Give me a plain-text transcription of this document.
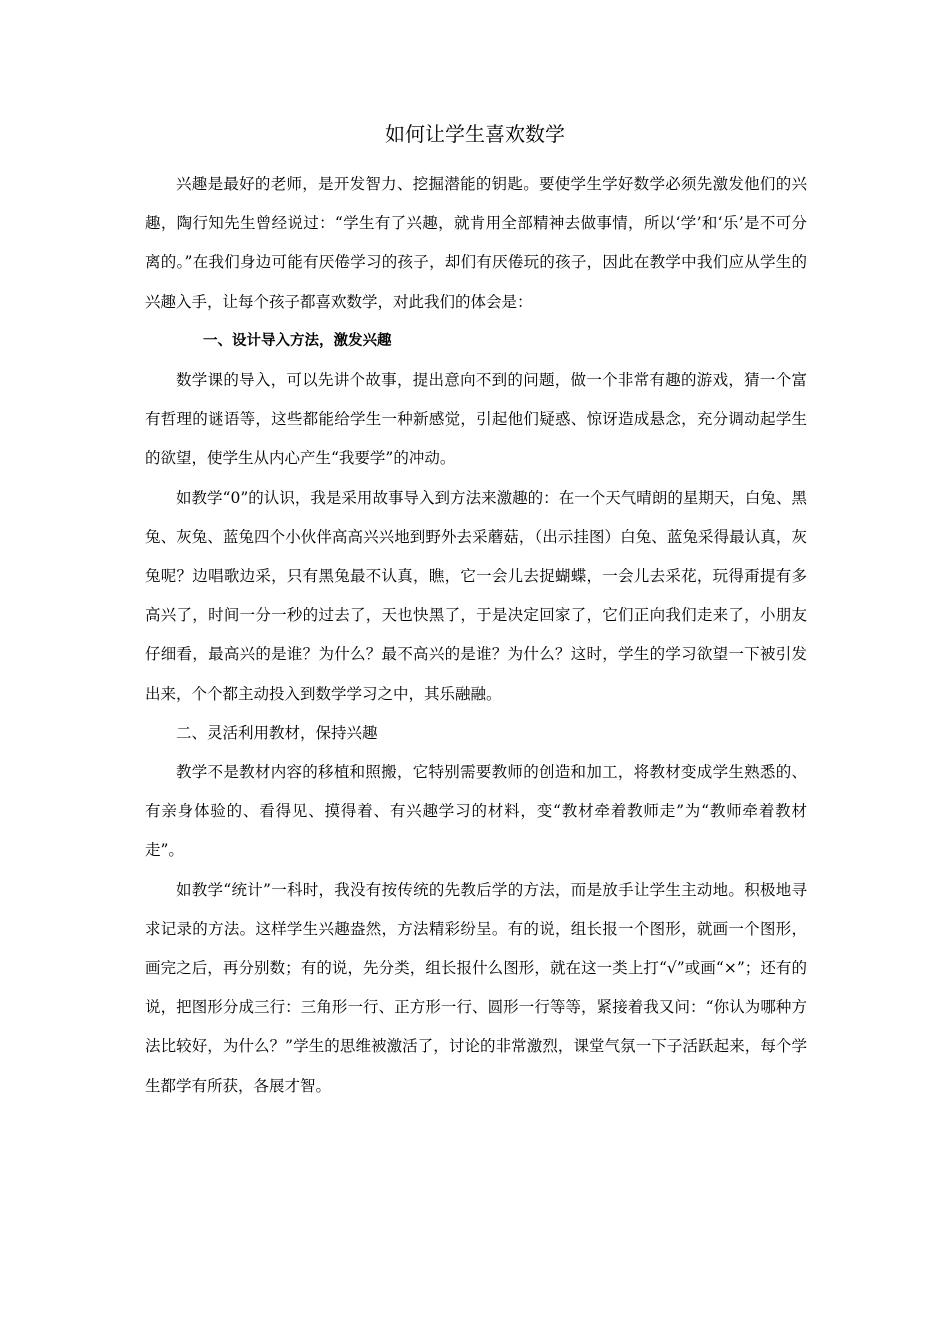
如何让学生喜欢数学

兴趣是最好的老师，是开发智力、挖掘潜能的钥匙。要使学生学好数学必须先激发他们的兴趣，陶行知先生曾经说过：“学生有了兴趣，就肯用全部精神去做事情，所以‘学’和‘乐’是不可分离的。”在我们身边可能有厌倦学习的孩子，却们有厌倦玩的孩子，因此在教学中我们应从学生的兴趣入手，让每个孩子都喜欢数学，对此我们的体会是：

一、设计导入方法，激发兴趣

数学课的导入，可以先讲个故事，提出意向不到的问题，做一个非常有趣的游戏，猜一个富有哲理的谜语等，这些都能给学生一种新感觉，引起他们疑惑、惊讶造成悬念，充分调动起学生的欲望，使学生从内心产生“我要学”的冲动。

如教学“0”的认识，我是采用故事导入到方法来激趣的：在一个天气晴朗的星期天，白兔、黑兔、灰兔、蓝兔四个小伙伴高高兴兴地到野外去采蘑菇，（出示挂图）白兔、蓝兔采得最认真，灰兔呢？边唱歌边采，只有黑兔最不认真，瞧，它一会儿去捉蝴蝶，一会儿去采花，玩得甭提有多高兴了，时间一分一秒的过去了，天也快黑了，于是决定回家了，它们正向我们走来了，小朋友仔细看，最高兴的是谁？为什么？最不高兴的是谁？为什么？这时，学生的学习欲望一下被引发出来，个个都主动投入到数学学习之中，其乐融融。

二、灵活利用教材，保持兴趣

教学不是教材内容的移植和照搬，它特别需要教师的创造和加工，将教材变成学生熟悉的、有亲身体验的、看得见、摸得着、有兴趣学习的材料，变“教材牵着教师走”为“教师牵着教材走”。

如教学“统计”一科时，我没有按传统的先教后学的方法，而是放手让学生主动地。积极地寻求记录的方法。这样学生兴趣盎然，方法精彩纷呈。有的说，组长报一个图形，就画一个图形，画完之后，再分别数；有的说，先分类，组长报什么图形，就在这一类上打“√”或画“×”；还有的说，把图形分成三行：三角形一行、正方形一行、圆形一行等等，紧接着我又问：“你认为哪种方法比较好，为什么？”学生的思维被激活了，讨论的非常激烈，课堂气氛一下子活跃起来，每个学生都学有所获，各展才智。
